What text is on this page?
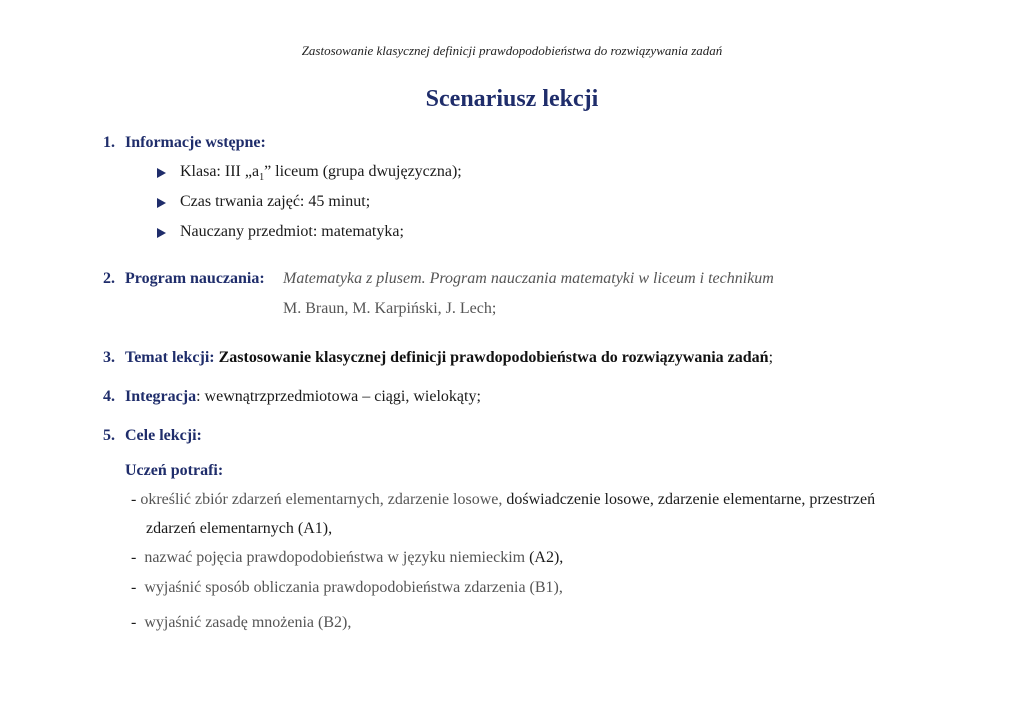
Zastosowanie klasycznej definicji prawdopodobieństwa do rozwiązywania zadań
Scenariusz lekcji
1. Informacje wstępne:
Klasa: III $„a_1$” liceum (grupa dwujęzyczna);
Czas trwania zajęć: 45 minut;
Nauczany przedmiot: matematyka;
2. Program nauczania: Matematyka z plusem. Program nauczania matematyki w liceum i technikum
M. Braun, M. Karpiński, J. Lech;
3. Temat lekcji: Zastosowanie klasycznej definicji prawdopodobieństwa do rozwiązywania zadań;
4. Integracja: wewnątrzprzedmiotowa – ciągi, wielokąty;
5. Cele lekcji:
Uczeń potrafi:
- określić zbiór zdarzeń elementarnych, zdarzenie losowe, doświadczenie losowe, zdarzenie elementarne, przestrzeń
zdarzeń elementarnych (A1),
- nazwać pojęcia prawdopodobieństwa w języku niemieckim (A2),
- wyjaśnić sposób obliczania prawdopodobieństwa zdarzenia (B1),
- wyjaśnić zasadę mnożenia (B2),
